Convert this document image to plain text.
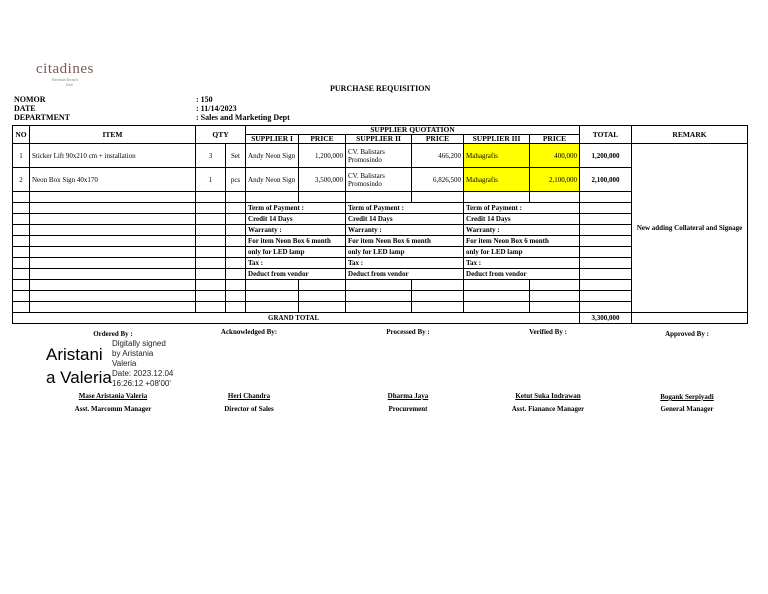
citadines
Berawa Beach
Bali	PURCHASE REQUISITION
NOMOR
DATE
DEPARTMENT
: 150
: 11/14/2023
: Sales and Marketing Dept
NO	ITEM	QTY		SUPPLIER QUOTATION						TOTAL	REMARK
				SUPPLIER I	PRICE	SUPPLIER II	PRICE	SUPPLIER III	PRICE		
1	Sticker Lift 90x210 cm + installation	3	Set	Andy Neon Sign	1,200,000	CV. Balistars Promosindo	466,200	Mahagrafis	400,000	1,200,000	New adding Collateral and Signage
2	Neon Box Sign 40x170	1	pcs	Andy Neon Sign	3,500,000	CV. Balistars Promosindo	6,826,500	Mahagrafis	2,100,000	2,100,000	

				Term of Payment :		Term of Payment :		Term of Payment :			
				Credit 14 Days		Credit 14 Days		Credit 14 Days			
				Warranty :		Warranty :		Warranty :			
				For item Neon Box 6 month		For item Neon Box 6 month		For item Neon Box 6 month			
				only for LED lamp		only for LED lamp		only for LED lamp			
				Tax :		Tax :		Tax :			
				Deduct from vendor		Deduct from vendor		Deduct from vendor			

GRAND TOTAL										3,300,000	
Ordered By :	Acknowledged By:	Processed By :	Verified By :	Approved By :
Aristani
a Valeria
Digitally signed
by Aristania
Valeria
Date: 2023.12.04
16:26:12 +08'00'
Mase Aristania Valeria	Heri Chandra	Dharma Jaya	Ketut Suka Indrawan	Bogank Serpiyadi
Asst. Marcomm Manager	Director of Sales	Procurement	Asst. Fianance Manager	General Manager
